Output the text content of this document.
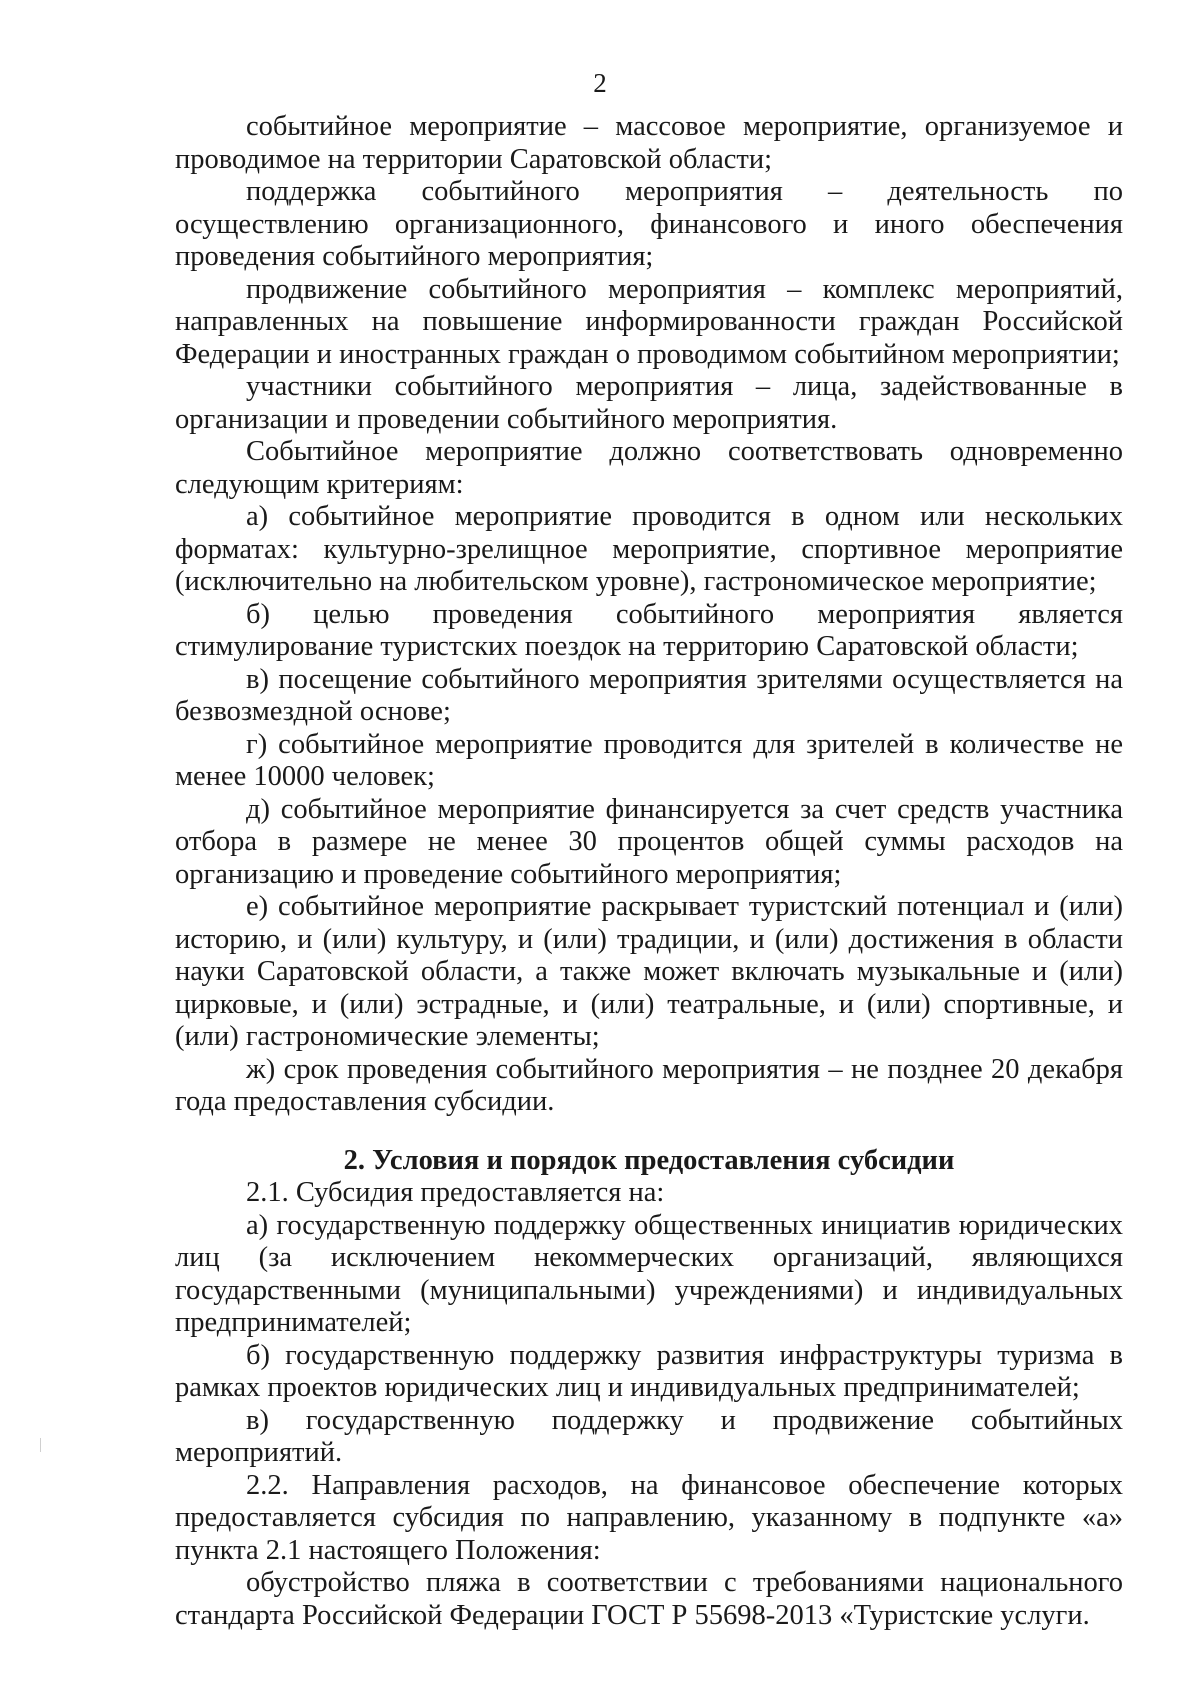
2

событийное мероприятие – массовое мероприятие, организуемое и проводимое на территории Саратовской области;

поддержка событийного мероприятия – деятельность по осуществлению организационного, финансового и иного обеспечения проведения событийного мероприятия;

продвижение событийного мероприятия – комплекс мероприятий, направленных на повышение информированности граждан Российской Федерации и иностранных граждан о проводимом событийном мероприятии;

участники событийного мероприятия – лица, задействованные в организации и проведении событийного мероприятия.

Событийное мероприятие должно соответствовать одновременно следующим критериям:

а) событийное мероприятие проводится в одном или нескольких форматах: культурно-зрелищное мероприятие, спортивное мероприятие (исключительно на любительском уровне), гастрономическое мероприятие;

б) целью проведения событийного мероприятия является стимулирование туристских поездок на территорию Саратовской области;

в) посещение событийного мероприятия зрителями осуществляется на безвозмездной основе;

г) событийное мероприятие проводится для зрителей в количестве не менее 10000 человек;

д) событийное мероприятие финансируется за счет средств участника отбора в размере не менее 30 процентов общей суммы расходов на организацию и проведение событийного мероприятия;

е) событийное мероприятие раскрывает туристский потенциал и (или) историю, и (или) культуру, и (или) традиции, и (или) достижения в области науки Саратовской области, а также может включать музыкальные и (или) цирковые, и (или) эстрадные, и (или) театральные, и (или) спортивные, и (или) гастрономические элементы;

ж) срок проведения событийного мероприятия – не позднее 20 декабря года предоставления субсидии.

2. Условия и порядок предоставления субсидии

2.1. Субсидия предоставляется на:

а) государственную поддержку общественных инициатив юридических лиц (за исключением некоммерческих организаций, являющихся государственными (муниципальными) учреждениями) и индивидуальных предпринимателей;

б) государственную поддержку развития инфраструктуры туризма в рамках проектов юридических лиц и индивидуальных предпринимателей;

в) государственную поддержку и продвижение событийных мероприятий.

2.2. Направления расходов, на финансовое обеспечение которых предоставляется субсидия по направлению, указанному в подпункте «а» пункта 2.1 настоящего Положения:

обустройство пляжа в соответствии с требованиями национального стандарта Российской Федерации ГОСТ Р 55698-2013 «Туристские услуги.
